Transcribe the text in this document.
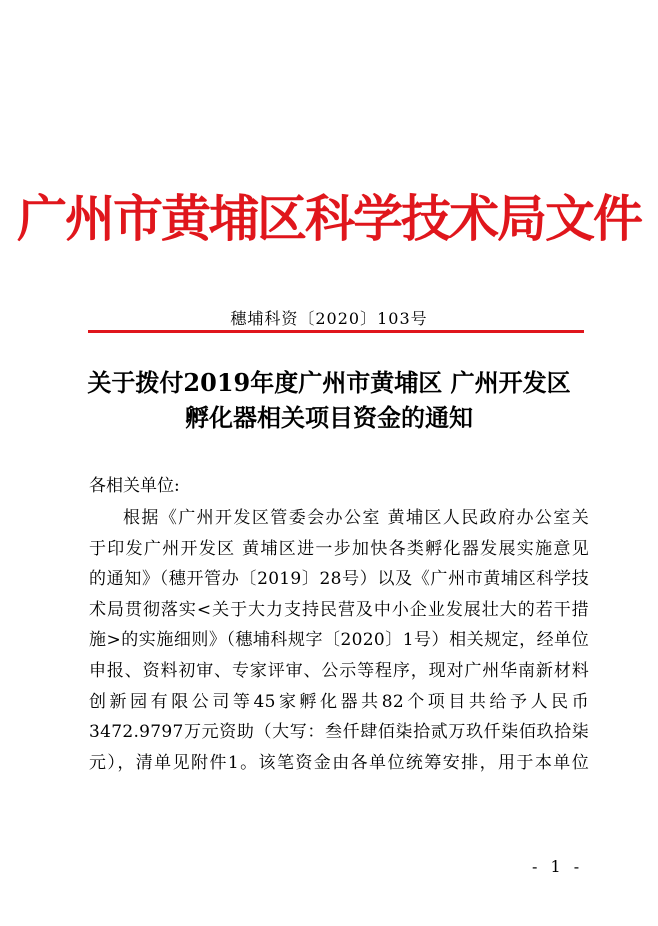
广州市黄埔区科学技术局文件
穗埔科资〔2020〕103号
关于拨付2019年度广州市黄埔区 广州开发区
孵化器相关项目资金的通知
各相关单位:
根据《广州开发区管委会办公室 黄埔区人民政府办公室关
于印发广州开发区 黄埔区进一步加快各类孵化器发展实施意见
的通知》（穗开管办〔2019〕28号）以及《广州市黄埔区科学技
术局贯彻落实<关于大力支持民营及中小企业发展壮大的若干措
施>的实施细则》（穗埔科规字〔2020〕1号）相关规定，经单位
申报、资料初审、专家评审、公示等程序，现对广州华南新材料
创新园有限公司等45家孵化器共82个项目共给予人民币
3472.9797万元资助（大写：叁仟肆佰柒拾贰万玖仟柒佰玖拾柒
元），清单见附件1。该笔资金由各单位统筹安排，用于本单位
- 1 -
